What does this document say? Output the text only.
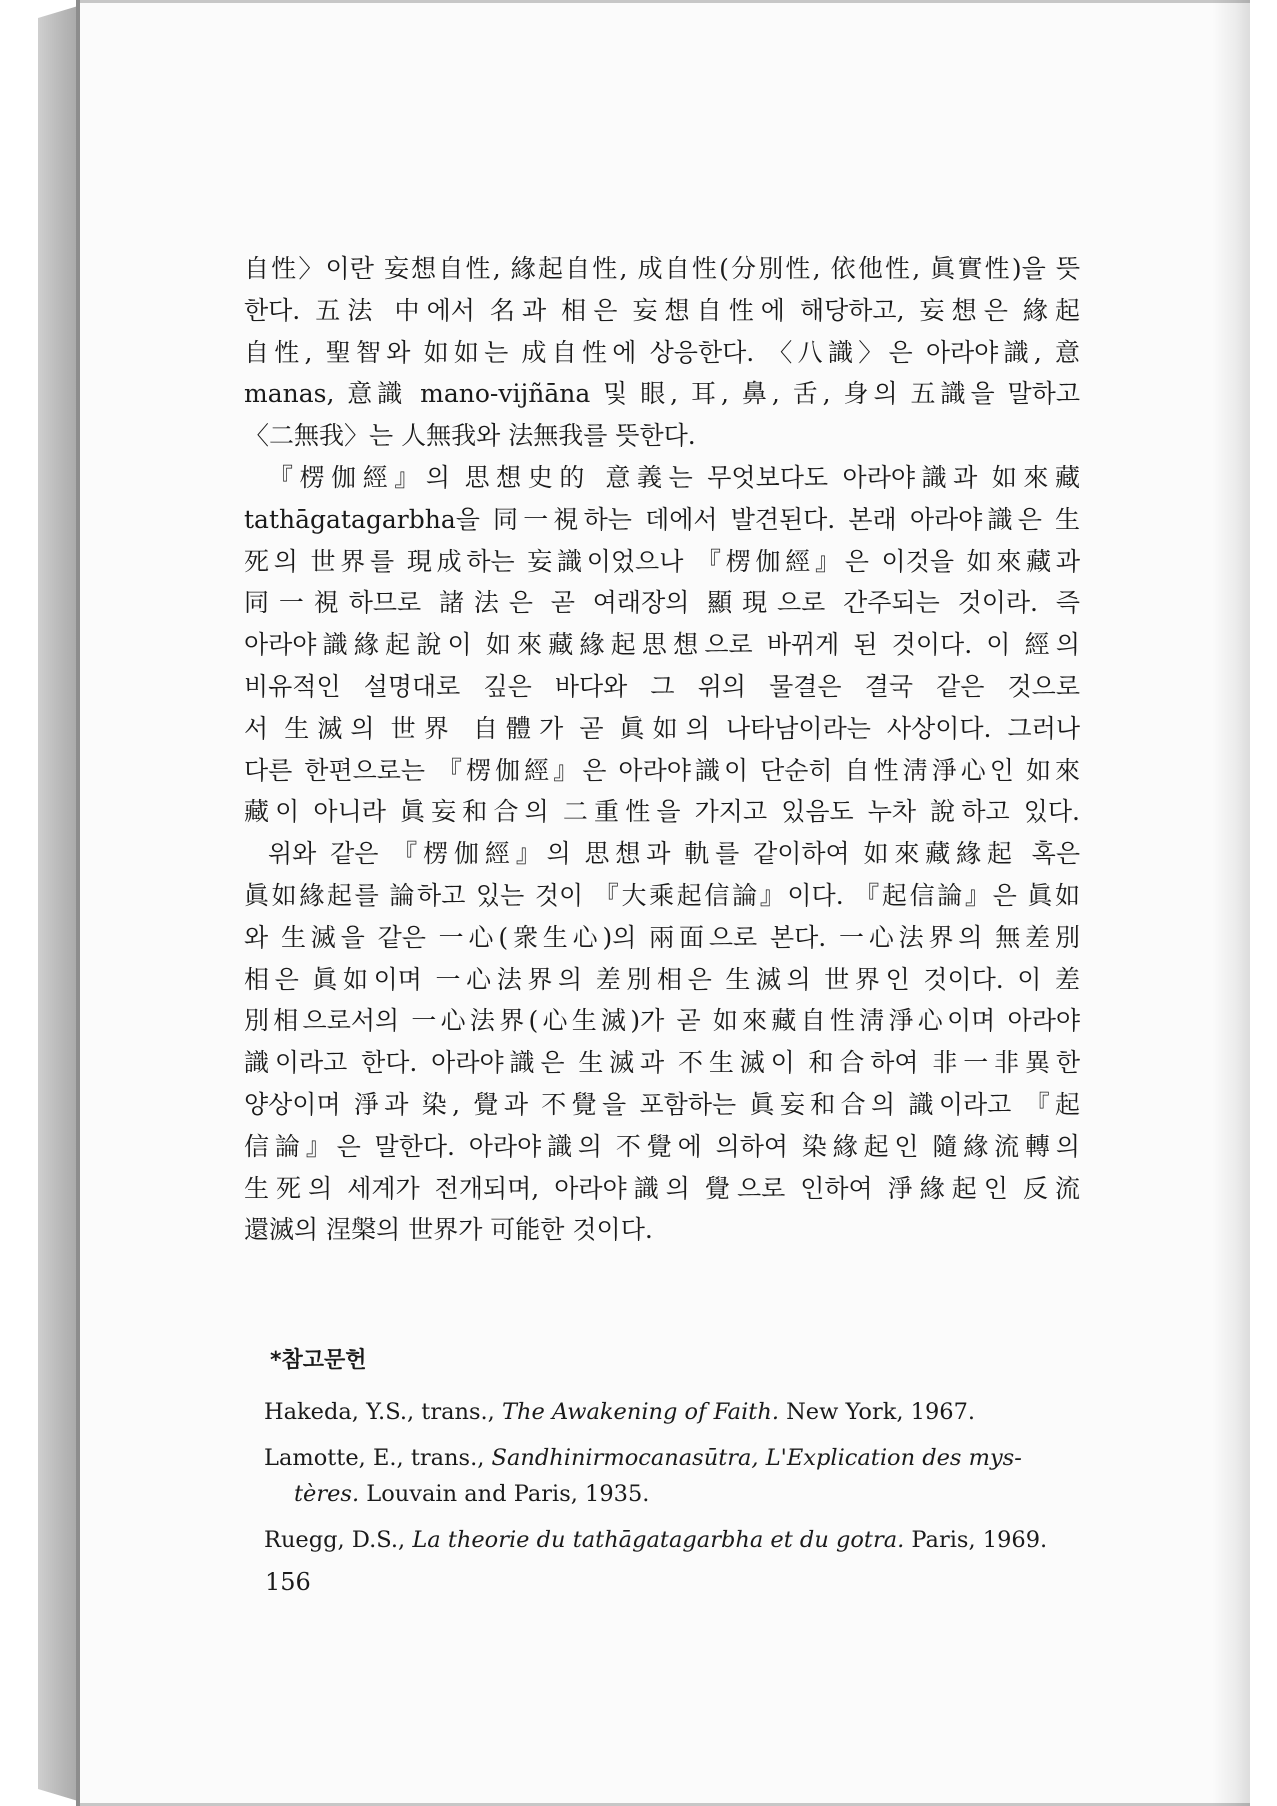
自性〉이란 妄想自性, 緣起自性, 成自性(分別性, 依他性, 眞實性)을 뜻
한다. 五法 中에서 名과 相은 妄想自性에 해당하고, 妄想은 緣起
自性, 聖智와 如如는 成自性에 상응한다. 〈八識〉은 아라야識, 意
manas, 意識 mano-vijñāna 및 眼, 耳, 鼻, 舌, 身의 五識을 말하고
〈二無我〉는 人無我와 法無我를 뜻한다.
『楞伽經』의 思想史的 意義는 무엇보다도 아라야識과 如來藏
tathāgatagarbha을 同一視하는 데에서 발견된다. 본래 아라야識은 生
死의 世界를 現成하는 妄識이었으나 『楞伽經』은 이것을 如來藏과
同一視하므로 諸法은 곧 여래장의 顯現으로 간주되는 것이라. 즉
아라야識緣起說이 如來藏緣起思想으로 바뀌게 된 것이다. 이 經의
비유적인 설명대로 깊은 바다와 그 위의 물결은 결국 같은 것으로
서 生滅의 世界 自體가 곧 眞如의 나타남이라는 사상이다. 그러나
다른 한편으로는 『楞伽經』은 아라야識이 단순히 自性淸淨心인 如來
藏이 아니라 眞妄和合의 二重性을 가지고 있음도 누차 說하고 있다.
위와 같은 『楞伽經』의 思想과 軌를 같이하여 如來藏緣起 혹은
眞如緣起를 論하고 있는 것이 『大乘起信論』이다. 『起信論』은 眞如
와 生滅을 같은 一心(衆生心)의 兩面으로 본다. 一心法界의 無差別
相은 眞如이며 一心法界의 差別相은 生滅의 世界인 것이다. 이 差
別相으로서의 一心法界(心生滅)가 곧 如來藏自性淸淨心이며 아라야
識이라고 한다. 아라야識은 生滅과 不生滅이 和合하여 非一非異한
양상이며 淨과 染, 覺과 不覺을 포함하는 眞妄和合의 識이라고 『起
信論』은 말한다. 아라야識의 不覺에 의하여 染緣起인 隨緣流轉의
生死의 세계가 전개되며, 아라야識의 覺으로 인하여 淨緣起인 反流
還滅의 涅槃의 世界가 可能한 것이다.
*참고문헌
Hakeda, Y.S., trans., The Awakening of Faith. New York, 1967.
Lamotte, E., trans., Sandhinirmocanasūtra, L'Explication des mys-
tères. Louvain and Paris, 1935.
Ruegg, D.S., La theorie du tathāgatagarbha et du gotra. Paris, 1969.
156
